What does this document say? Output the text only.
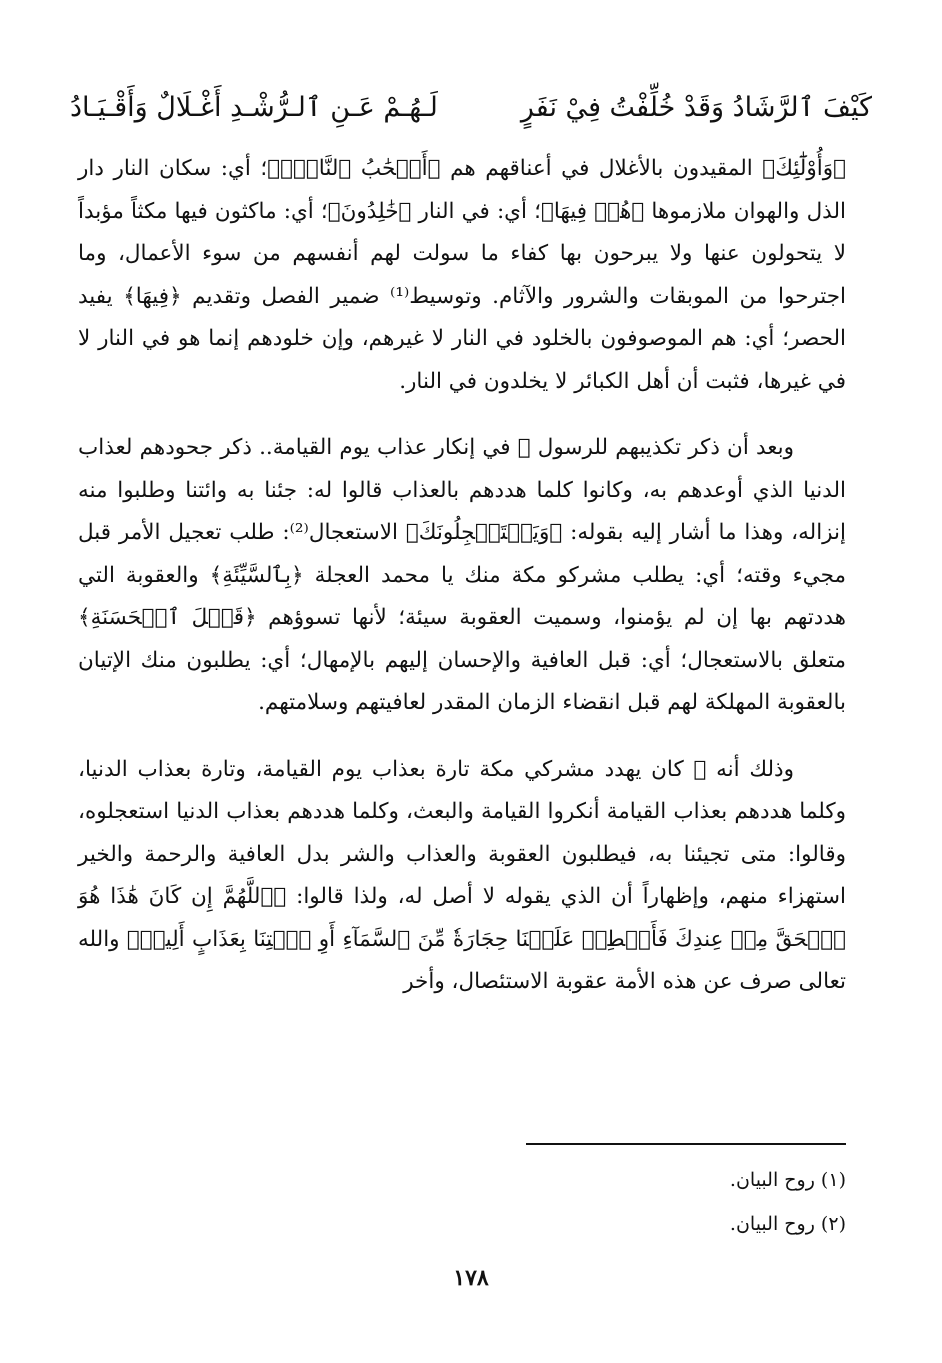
كَيْفَ ٱلرَّشَادُ وَقَدْ خُلِّفْتُ فِيْ نَفَرٍ
لَـهُـمْ عَـنِ ٱلـرُّشْـدِ أَغْـلَالٌ وَأَقْـيَـادُ

﴿وَأُوْلَٰٓئِكَ﴾ المقيدون بالأغلال في أعناقهم هم ﴿أَصۡحَٰبُ ٱلنَّارِۖ﴾؛ أي: سكان النار دار الذل والهوان ملازموها ﴿هُمۡ فِيهَا﴾؛ أي: في النار ﴿خَٰلِدُونَ﴾؛ أي: ماكثون فيها مكثاً مؤبداً لا يتحولون عنها ولا يبرحون بها كفاء ما سولت لهم أنفسهم من سوء الأعمال، وما اجترحوا من الموبقات والشرور والآثام. وتوسيط⁽¹⁾ ضمير الفصل وتقديم ﴿فِيهَا﴾ يفيد الحصر؛ أي: هم الموصوفون بالخلود في النار لا غيرهم، وإن خلودهم إنما هو في النار لا في غيرها، فثبت أن أهل الكبائر لا يخلدون في النار.

وبعد أن ذكر تكذيبهم للرسول ﷺ في إنكار عذاب يوم القيامة.. ذكر جحودهم لعذاب الدنيا الذي أوعدهم به، وكانوا كلما هددهم بالعذاب قالوا له: جئنا به وائتنا وطلبوا منه إنزاله، وهذا ما أشار إليه بقوله: ﴿وَيَسۡتَعۡجِلُونَكَ﴾ الاستعجال⁽²⁾: طلب تعجيل الأمر قبل مجيء وقته؛ أي: يطلب مشركو مكة منك يا محمد العجلة ﴿بِٱلسَّيِّئَةِ﴾ والعقوبة التي هددتهم بها إن لم يؤمنوا، وسميت العقوبة سيئة؛ لأنها تسوؤهم ﴿قَبۡلَ ٱلۡحَسَنَةِ﴾ متعلق بالاستعجال؛ أي: قبل العافية والإحسان إليهم بالإمهال؛ أي: يطلبون منك الإتيان بالعقوبة المهلكة لهم قبل انقضاء الزمان المقدر لعافيتهم وسلامتهم.

وذلك أنه ﷺ كان يهدد مشركي مكة تارة بعذاب يوم القيامة، وتارة بعذاب الدنيا، وكلما هددهم بعذاب القيامة أنكروا القيامة والبعث، وكلما هددهم بعذاب الدنيا استعجلوه، وقالوا: متى تجيئنا به، فيطلبون العقوبة والعذاب والشر بدل العافية والرحمة والخير استهزاء منهم، وإظهاراً أن الذي يقوله لا أصل له، ولذا قالوا: ﴿ٱللَّهُمَّ إِن كَانَ هَٰذَا هُوَ ٱلۡحَقَّ مِنۡ عِندِكَ فَأَمۡطِرۡ عَلَيۡنَا حِجَارَةٗ مِّنَ ٱلسَّمَآءِ أَوِ ٱئۡتِنَا بِعَذَابٍ أَلِيمٖ﴾ والله تعالى صرف عن هذه الأمة عقوبة الاستئصال، وأخر

(١) روح البيان.
(٢) روح البيان.
١٧٨
